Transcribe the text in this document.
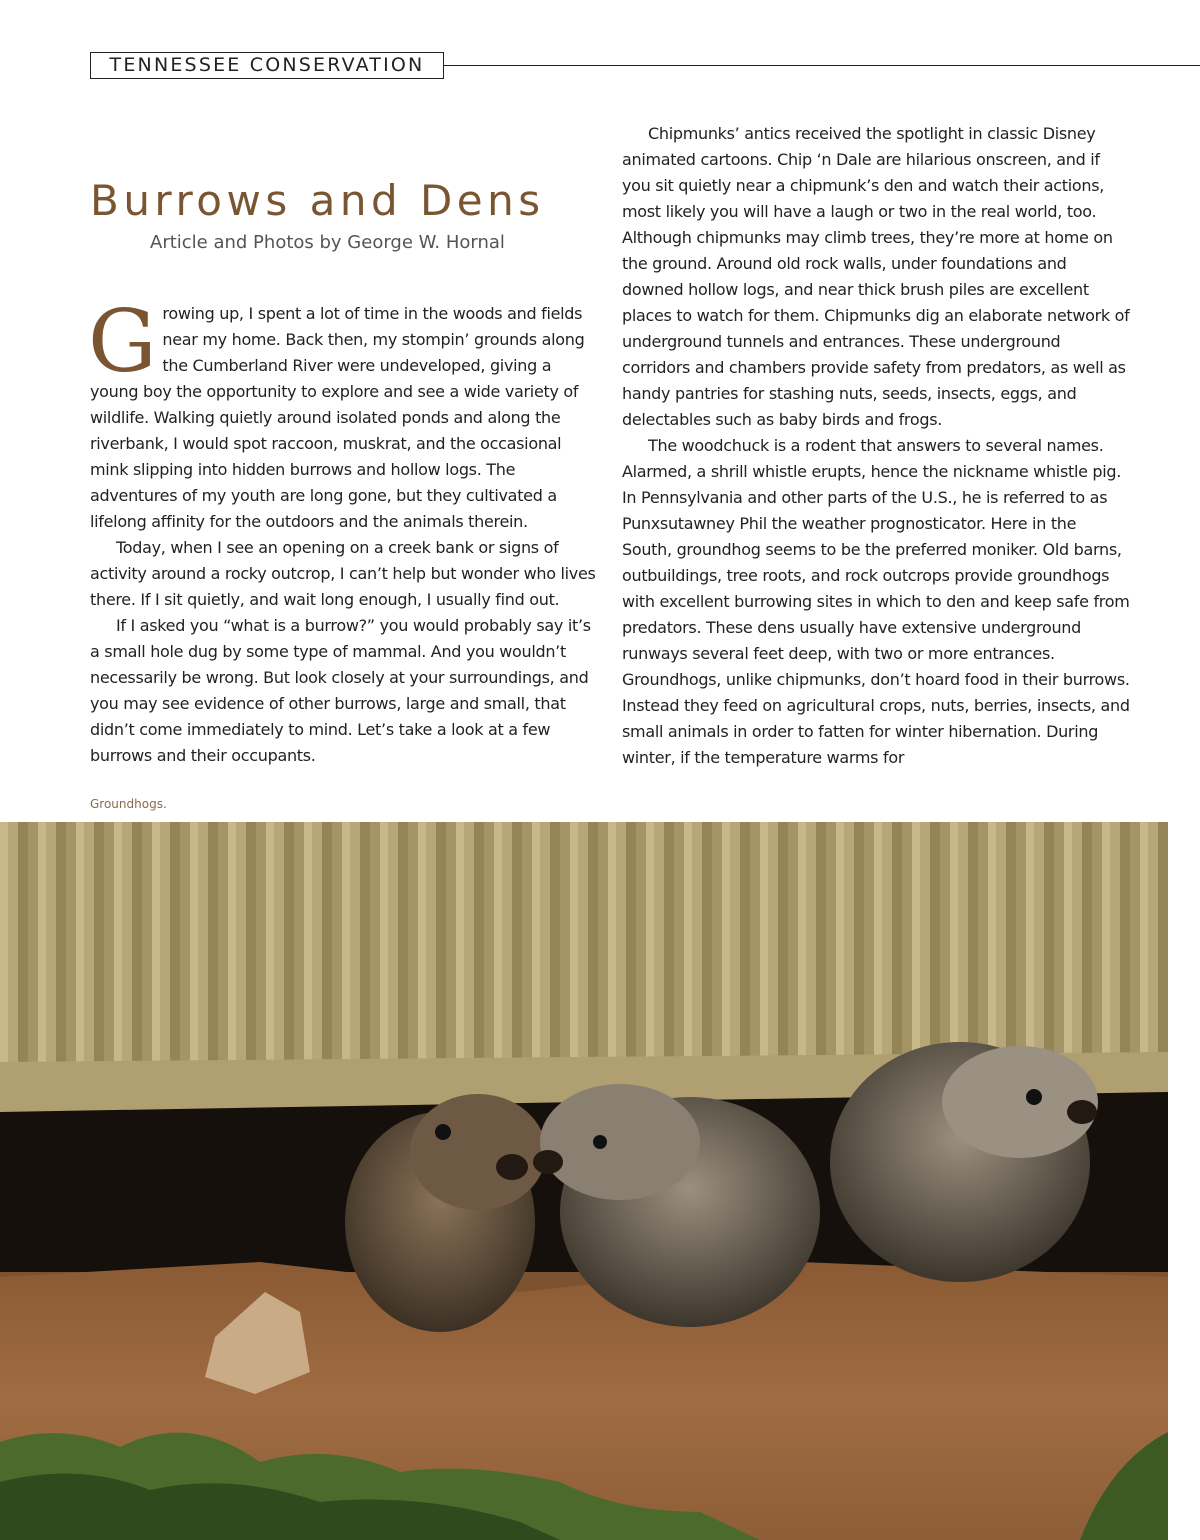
TENNESSEE CONSERVATION
Burrows and Dens
Article and Photos by George W. Hornal

Growing up, I spent a lot of time in the woods and fields near my home. Back then, my stompin’ grounds along the Cumberland River were undeveloped, giving a young boy the opportunity to explore and see a wide variety of wildlife. Walking quietly around isolated ponds and along the riverbank, I would spot raccoon, muskrat, and the occasional mink slipping into hidden burrows and hollow logs. The adventures of my youth are long gone, but they cultivated a lifelong affinity for the outdoors and the animals therein.

Today, when I see an opening on a creek bank or signs of activity around a rocky outcrop, I can’t help but wonder who lives there. If I sit quietly, and wait long enough, I usually find out.

If I asked you “what is a burrow?” you would probably say it’s a small hole dug by some type of mammal. And you wouldn’t necessarily be wrong. But look closely at your surroundings, and you may see evidence of other burrows, large and small, that didn’t come immediately to mind. Let’s take a look at a few burrows and their occupants.

Chipmunks’ antics received the spotlight in classic Disney animated cartoons. Chip ‘n Dale are hilarious onscreen, and if you sit quietly near a chipmunk’s den and watch their actions, most likely you will have a laugh or two in the real world, too. Although chipmunks may climb trees, they’re more at home on the ground. Around old rock walls, under foundations and downed hollow logs, and near thick brush piles are excellent places to watch for them. Chipmunks dig an elaborate network of underground tunnels and entrances. These underground corridors and chambers provide safety from predators, as well as handy pantries for stashing nuts, seeds, insects, eggs, and delectables such as baby birds and frogs.

The woodchuck is a rodent that answers to several names. Alarmed, a shrill whistle erupts, hence the nickname whistle pig. In Pennsylvania and other parts of the U.S., he is referred to as Punxsutawney Phil the weather prognosticator. Here in the South, groundhog seems to be the preferred moniker. Old barns, outbuildings, tree roots, and rock outcrops provide groundhogs with excellent burrowing sites in which to den and keep safe from predators. These dens usually have extensive underground runways several feet deep, with two or more entrances. Groundhogs, unlike chipmunks, don’t hoard food in their burrows. Instead they feed on agricultural crops, nuts, berries, insects, and small animals in order to fatten for winter hibernation. During winter, if the temperature warms for

Groundhogs.
